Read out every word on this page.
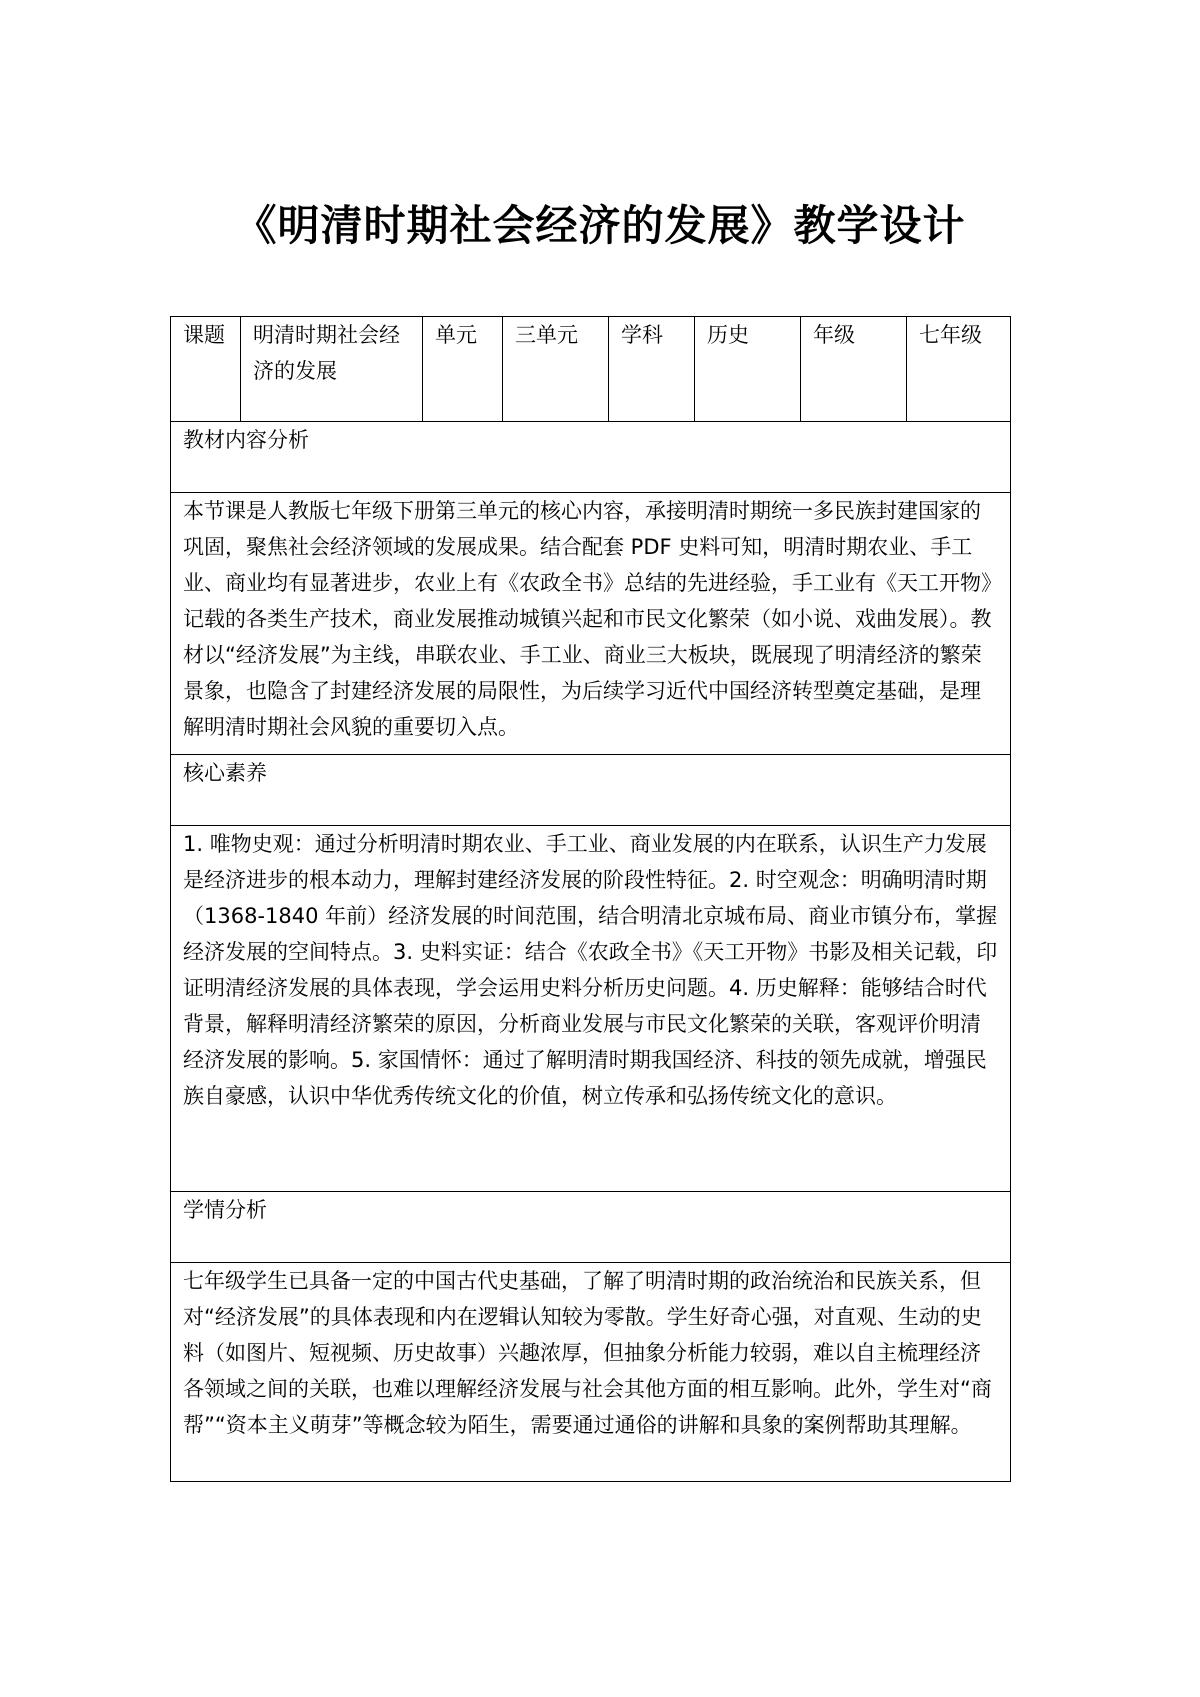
《明清时期社会经济的发展》教学设计
课题	明清时期社会经济的发展	单元	三单元	学科	历史	年级	七年级
教材内容分析
本节课是人教版七年级下册第三单元的核心内容，承接明清时期统一多民族封建国家的巩固，聚焦社会经济领域的发展成果。结合配套 PDF 史料可知，明清时期农业、手工业、商业均有显著进步，农业上有《农政全书》总结的先进经验，手工业有《天工开物》记载的各类生产技术，商业发展推动城镇兴起和市民文化繁荣（如小说、戏曲发展）。教材以“经济发展”为主线，串联农业、手工业、商业三大板块，既展现了明清经济的繁荣景象，也隐含了封建经济发展的局限性，为后续学习近代中国经济转型奠定基础，是理解明清时期社会风貌的重要切入点。
核心素养
1. 唯物史观：通过分析明清时期农业、手工业、商业发展的内在联系，认识生产力发展是经济进步的根本动力，理解封建经济发展的阶段性特征。2. 时空观念：明确明清时期（1368-1840 年前）经济发展的时间范围，结合明清北京城布局、商业市镇分布，掌握经济发展的空间特点。3. 史料实证：结合《农政全书》《天工开物》书影及相关记载，印证明清经济发展的具体表现，学会运用史料分析历史问题。4. 历史解释：能够结合时代背景，解释明清经济繁荣的原因，分析商业发展与市民文化繁荣的关联，客观评价明清经济发展的影响。5. 家国情怀：通过了解明清时期我国经济、科技的领先成就，增强民族自豪感，认识中华优秀传统文化的价值，树立传承和弘扬传统文化的意识。
学情分析
七年级学生已具备一定的中国古代史基础，了解了明清时期的政治统治和民族关系，但对“经济发展”的具体表现和内在逻辑认知较为零散。学生好奇心强，对直观、生动的史料（如图片、短视频、历史故事）兴趣浓厚，但抽象分析能力较弱，难以自主梳理经济各领域之间的关联，也难以理解经济发展与社会其他方面的相互影响。此外，学生对“商帮”“资本主义萌芽”等概念较为陌生，需要通过通俗的讲解和具象的案例帮助其理解。
